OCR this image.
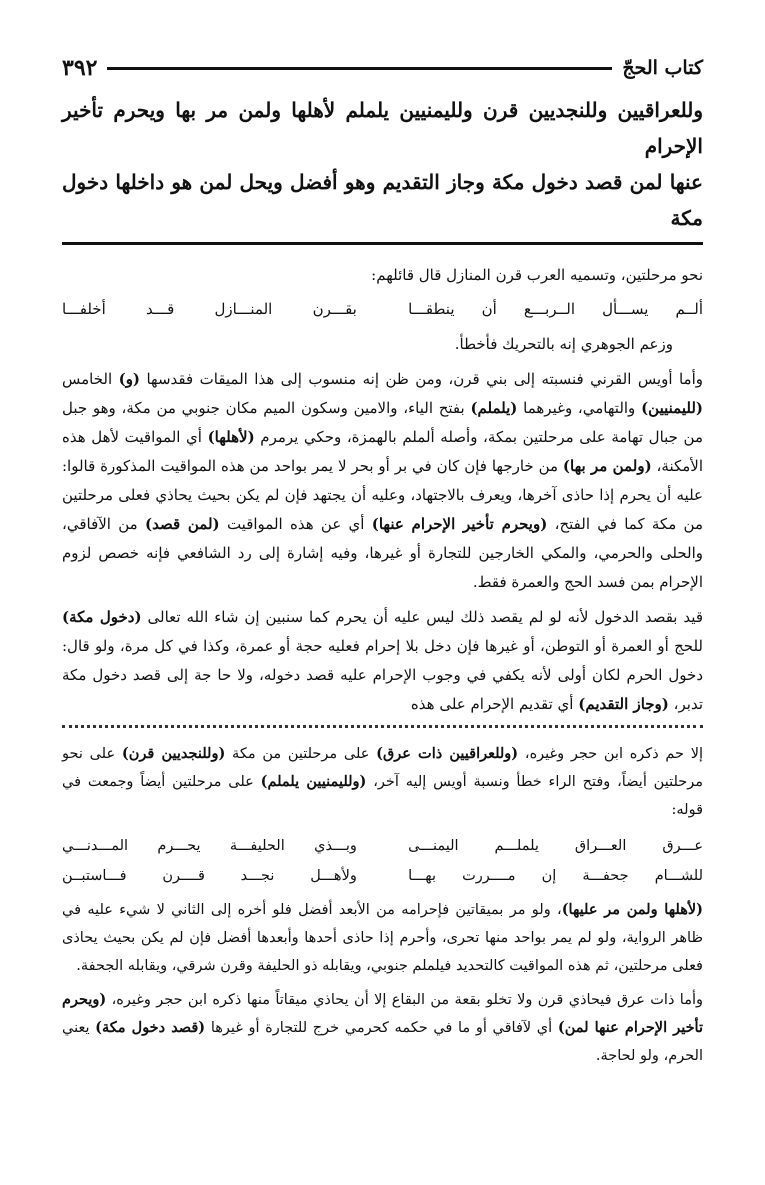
كتاب الحجّ
٣٩٢

وللعراقيين وللنجديين قرن ولليمنيين يلملم لأهلها ولمن مر بها ويحرم تأخير الإحرام

عنها لمن قصد دخول مكة وجاز التقديم وهو أفضل ويحل لمن هو داخلها دخول مكة

نحو مرحلتين، وتسميه العرب قرن المنازل قال قائلهم:

ألــم يســـأل الــربـــع أن ينطقـــا
بقـــرن المنـــازل قـــد أخلفـــا

وزعم الجوهري إنه بالتحريك فأخطأ.

وأما أويس القرني فنسبته إلى بني قرن، ومن ظن إنه منسوب إلى هذا الميقات فقدسها (و) الخامس (لليمنيين) والتهامي، وغيرهما (يلملم) بفتح الياء، والامين وسكون الميم مكان جنوبي من مكة، وهو جبل من جبال تهامة على مرحلتين بمكة، وأصله ألملم بالهمزة، وحكي يرمرم (لأهلها) أي المواقيت لأهل هذه الأمكنة، (ولمن مر بها) من خارجها فإن كان في بر أو بحر لا يمر بواحد من هذه المواقيت المذكورة قالوا: عليه أن يحرم إذا حاذى آخرها، ويعرف بالاجتهاد، وعليه أن يجتهد فإن لم يكن بحيث يحاذي فعلى مرحلتين من مكة كما في الفتح، (ويحرم تأخير الإحرام عنها) أي عن هذه المواقيت (لمن قصد) من الآفاقي، والحلى والحرمي، والمكي الخارجين للتجارة أو غيرها، وفيه إشارة إلى رد الشافعي فإنه خصص لزوم الإحرام بمن فسد الحج والعمرة فقط.

قيد بقصد الدخول لأنه لو لم يقصد ذلك ليس عليه أن يحرم كما سنبين إن شاء الله تعالى (دخول مكة) للحج أو العمرة أو التوطن، أو غيرها فإن دخل بلا إحرام فعليه حجة أو عمرة، وكذا في كل مرة، ولو قال: دخول الحرم لكان أولى لأنه يكفي في وجوب الإحرام عليه قصد دخوله، ولا حا جة إلى قصد دخول مكة تدبر، (وجاز التقديم) أي تقديم الإحرام على هذه

إلا حم ذكره ابن حجر وغيره، (وللعراقيين ذات عرق) على مرحلتين من مكة (وللنجديين قرن) على نحو مرحلتين أيضاً، وفتح الراء خطأ ونسبة أويس إليه آخر، (ولليمنيين يلملم) على مرحلتين أيضاً وجمعت في قوله:

عـــرق العـــراق يلملـــم اليمنـــى
وبـــذي الحليفـــة يحـــرم المـــدنـــي
للشـــام جحفـــة إن مــــررت بهـــا
ولأهـــل نجـــد قــــرن فـــاستبــن

(لأهلها ولمن مر عليها)، ولو مر بميقاتين فإحرامه من الأبعد أفضل فلو أخره إلى الثاني لا شيء عليه في ظاهر الرواية، ولو لم يمر بواحد منها تحرى، وأحرم إذا حاذى أحدها وأبعدها أفضل فإن لم يكن بحيث يحاذى فعلى مرحلتين، ثم هذه المواقيت كالتحديد فيلملم جنوبي، ويقابله ذو الحليفة وقرن شرقي، ويقابله الجحفة.

وأما ذات عرق فيحاذي قرن ولا تخلو بقعة من البقاع إلا أن يحاذي ميقاتاً منها ذكره ابن حجر وغيره، (ويحرم تأخير الإحرام عنها لمن) أي لآفاقي أو ما في حكمه كحرمي خرج للتجارة أو غيرها (قصد دخول مكة) يعني الحرم، ولو لحاجة.
